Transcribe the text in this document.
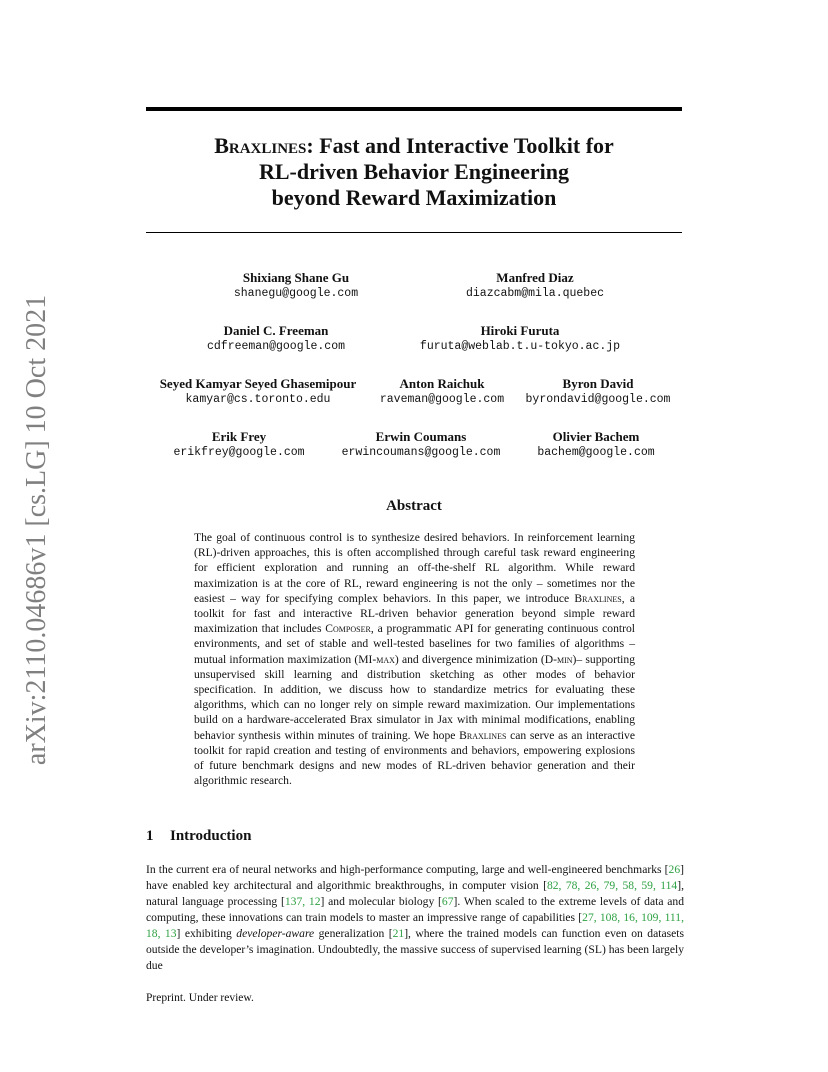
arXiv:2110.04686v1 [cs.LG] 10 Oct 2021
Braxlines: Fast and Interactive Toolkit for
RL-driven Behavior Engineering
beyond Reward Maximization
Shixiang Shane Gu
shanegu@google.com
Manfred Diaz
diazcabm@mila.quebec
Daniel C. Freeman
cdfreeman@google.com
Hiroki Furuta
furuta@weblab.t.u-tokyo.ac.jp
Seyed Kamyar Seyed Ghasemipour
kamyar@cs.toronto.edu
Anton Raichuk
raveman@google.com
Byron David
byrondavid@google.com
Erik Frey
erikfrey@google.com
Erwin Coumans
erwincoumans@google.com
Olivier Bachem
bachem@google.com
Abstract
The goal of continuous control is to synthesize desired behaviors. In reinforcement learning (RL)-driven approaches, this is often accomplished through careful task reward engineering for efficient exploration and running an off-the-shelf RL algorithm. While reward maximization is at the core of RL, reward engineering is not the only – sometimes nor the easiest – way for specifying complex behaviors. In this paper, we introduce Braxlines, a toolkit for fast and interactive RL-driven behavior generation beyond simple reward maximization that includes Composer, a programmatic API for generating continuous control environments, and set of stable and well-tested baselines for two families of algorithms –mutual information maximization (MI-max) and divergence minimization (D-min)– supporting unsupervised skill learning and distribution sketching as other modes of behavior specification. In addition, we discuss how to standardize metrics for evaluating these algorithms, which can no longer rely on simple reward maximization. Our implementations build on a hardware-accelerated Brax simulator in Jax with minimal modifications, enabling behavior synthesis within minutes of training. We hope Braxlines can serve as an interactive toolkit for rapid creation and testing of environments and behaviors, empowering explosions of future benchmark designs and new modes of RL-driven behavior generation and their algorithmic research.
1 Introduction
In the current era of neural networks and high-performance computing, large and well-engineered benchmarks [26] have enabled key architectural and algorithmic breakthroughs, in computer vision [82, 78, 26, 79, 58, 59, 114], natural language processing [137, 12] and molecular biology [67]. When scaled to the extreme levels of data and computing, these innovations can train models to master an impressive range of capabilities [27, 108, 16, 109, 111, 18, 13] exhibiting developer-aware generalization [21], where the trained models can function even on datasets outside the developer’s imagination. Undoubtedly, the massive success of supervised learning (SL) has been largely due
Preprint. Under review.
